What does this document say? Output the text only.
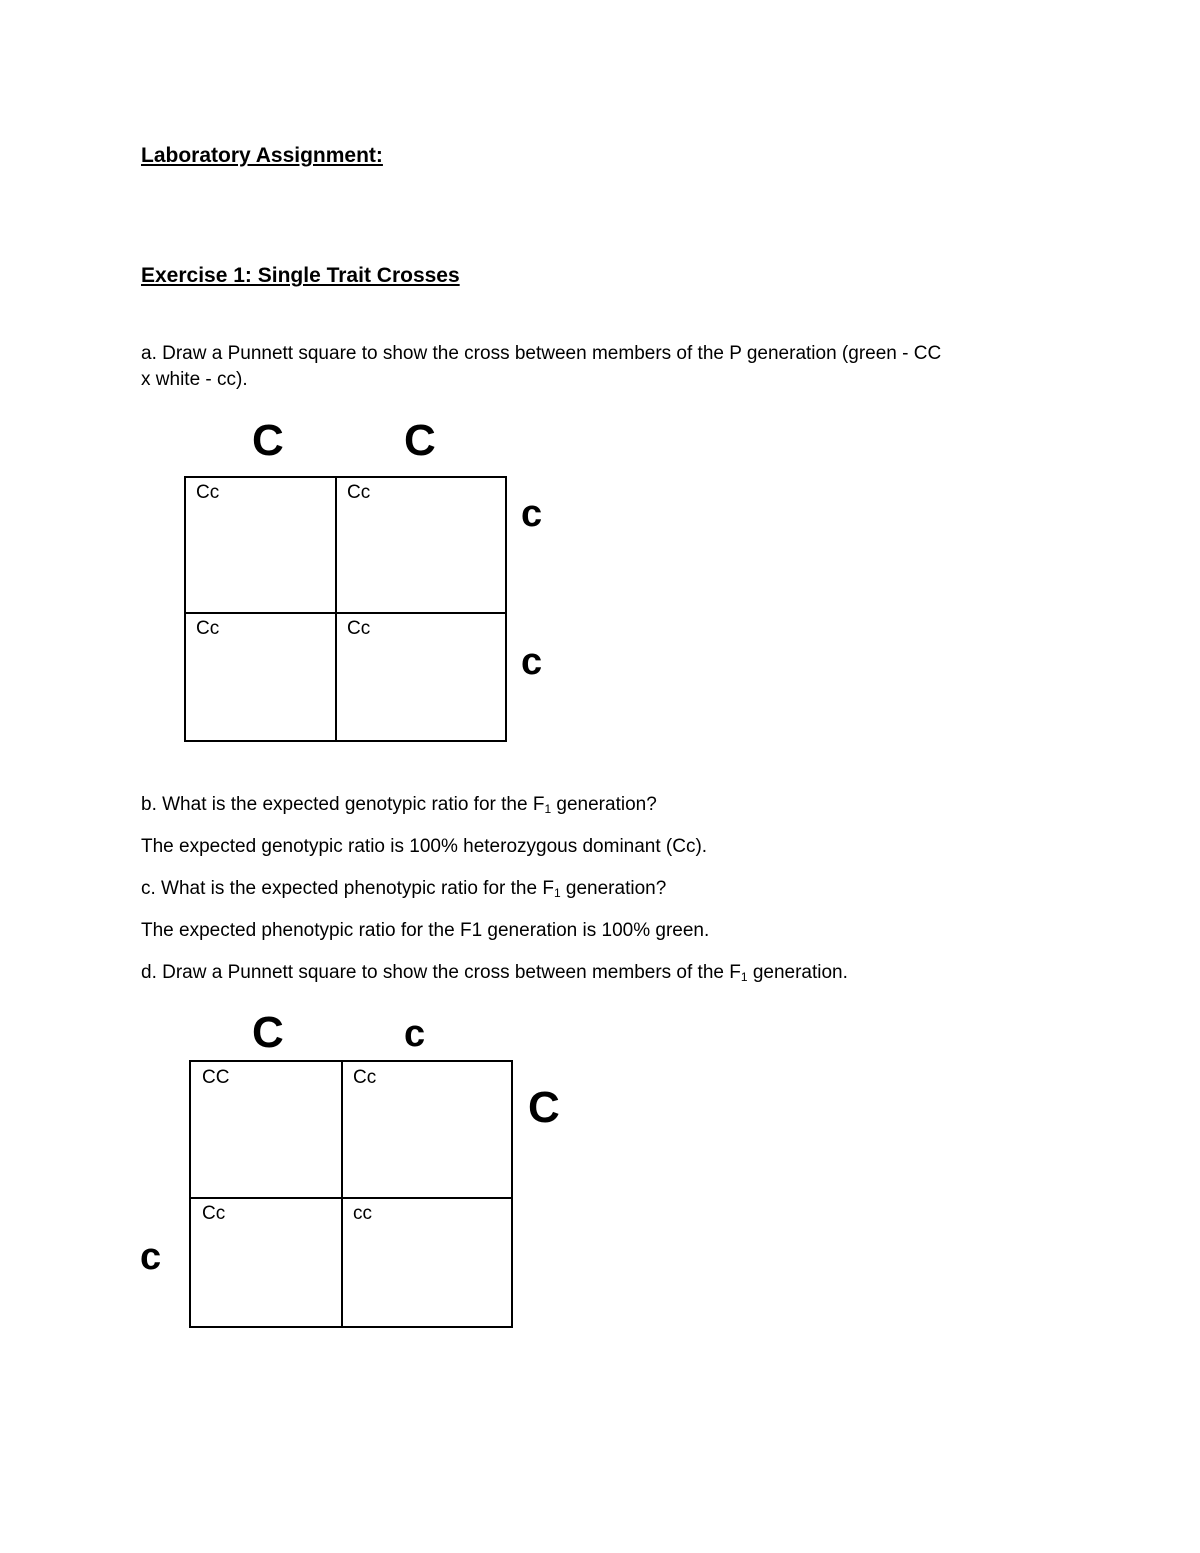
Laboratory Assignment:
Exercise 1: Single Trait Crosses
a. Draw a Punnett square to show the cross between members of the P generation (green - CC
x white - cc).
C	C
c
c
Cc	Cc
Cc	Cc
b. What is the expected genotypic ratio for the $F_1$ generation?
The expected genotypic ratio is 100% heterozygous dominant (Cc).
c. What is the expected phenotypic ratio for the $F_1$ generation?
The expected phenotypic ratio for the F1 generation is 100% green.
d. Draw a Punnett square to show the cross between members of the $F_1$ generation.
C	c
C
c
CC	Cc
Cc	cc
